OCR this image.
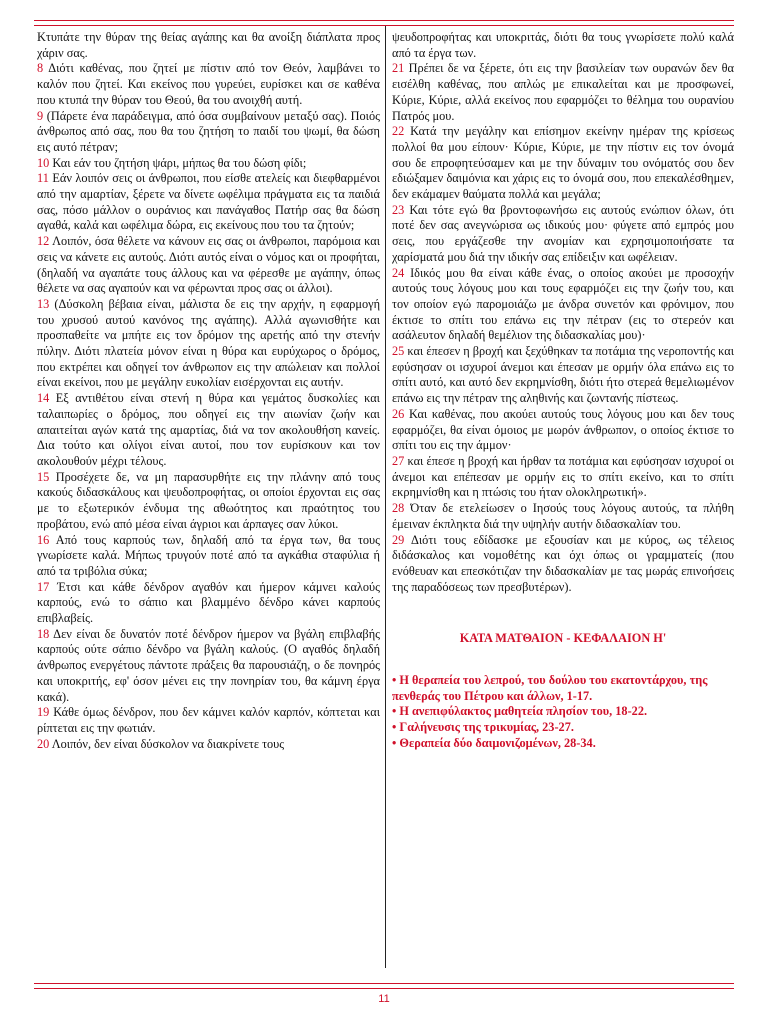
Κτυπάτε την θύραν της θείας αγάπης και θα ανοίξη διάπλατα προς χάριν σας.

8 Διότι καθένας, που ζητεί με πίστιν από τον Θεόν, λαμβάνει το καλόν που ζητεί. Και εκείνος που γυρεύει, ευρίσκει και σε καθένα που κτυπά την θύραν του Θεού, θα του ανοιχθή αυτή.

9 (Πάρετε ένα παράδειγμα, από όσα συμβαίνουν μεταξύ σας). Ποιός άνθρωπος από σας, που θα του ζητήση το παιδί του ψωμί, θα δώση εις αυτό πέτραν;

10 Και εάν του ζητήση ψάρι, μήπως θα του δώση φίδι;

11 Εάν λοιπόν σεις οι άνθρωποι, που είσθε ατελείς και διεφθαρμένοι από την αμαρτίαν, ξέρετε να δίνετε ωφέλιμα πράγματα εις τα παιδιά σας, πόσο μάλλον ο ουράνιος και πανάγαθος Πατήρ σας θα δώση αγαθά, καλά και ωφέλιμα δώρα, εις εκείνους που του τα ζητούν;

12 Λοιπόν, όσα θέλετε να κάνουν εις σας οι άνθρωποι, παρόμοια και σεις να κάνετε εις αυτούς. Διότι αυτός είναι ο νόμος και οι προφήται, (δηλαδή να αγαπάτε τους άλλους και να φέρεσθε με αγάπην, όπως θέλετε να σας αγαπούν και να φέρωνται προς σας οι άλλοι).

13 (Δύσκολη βέβαια είναι, μάλιστα δε εις την αρχήν, η εφαρμογή του χρυσού αυτού κανόνος της αγάπης). Αλλά αγωνισθήτε και προσπαθείτε να μπήτε εις τον δρόμον της αρετής από την στενήν πύλην. Διότι πλατεία μόνον είναι η θύρα και ευρύχωρος ο δρόμος, που εκτρέπει και οδηγεί τον άνθρωπον εις την απώλειαν και πολλοί είναι εκείνοι, που με μεγάλην ευκολίαν εισέρχονται εις αυτήν.

14 Εξ αντιθέτου είναι στενή η θύρα και γεμάτος δυσκολίες και ταλαιπωρίες ο δρόμος, που οδηγεί εις την αιωνίαν ζωήν και απαιτείται αγών κατά της αμαρτίας, διά να τον ακολουθήση κανείς. Δια τούτο και ολίγοι είναι αυτοί, που τον ευρίσκουν και τον ακολουθούν μέχρι τέλους.

15 Προσέχετε δε, να μη παρασυρθήτε εις την πλάνην από τους κακούς διδασκάλους και ψευδοπροφήτας, οι οποίοι έρχονται εις σας με το εξωτερικόν ένδυμα της αθωότητος και πραότητος του προβάτου, ενώ από μέσα είναι άγριοι και άρπαγες σαν λύκοι.

16 Από τους καρπούς των, δηλαδή από τα έργα των, θα τους γνωρίσετε καλά. Μήπως τρυγούν ποτέ από τα αγκάθια σταφύλια ή από τα τριβόλια σύκα;

17 Έτσι και κάθε δένδρον αγαθόν και ήμερον κάμνει καλούς καρπούς, ενώ το σάπιο και βλαμμένο δένδρο κάνει καρπούς επιβλαβείς.

18 Δεν είναι δε δυνατόν ποτέ δένδρον ήμερον να βγάλη επιβλαβής καρπούς ούτε σάπιο δένδρο να βγάλη καλούς. (Ο αγαθός δηλαδή άνθρωπος ενεργέτους πάντοτε πράξεις θα παρουσιάζη, ο δε πονηρός και υποκριτής, εφ' όσον μένει εις την πονηρίαν του, θα κάμνη έργα κακά).

19 Κάθε όμως δένδρον, που δεν κάμνει καλόν καρπόν, κόπτεται και ρίπτεται εις την φωτιάν.

20 Λοιπόν, δεν είναι δύσκολον να διακρίνετε τους

ψευδοπροφήτας και υποκριτάς, διότι θα τους γνωρίσετε πολύ καλά από τα έργα των.

21 Πρέπει δε να ξέρετε, ότι εις την βασιλείαν των ουρανών δεν θα εισέλθη καθένας, που απλώς με επικαλείται και με προσφωνεί, Κύριε, Κύριε, αλλά εκείνος που εφαρμόζει το θέλημα του ουρανίου Πατρός μου.

22 Κατά την μεγάλην και επίσημον εκείνην ημέραν της κρίσεως πολλοί θα μου είπουν· Κύριε, Κύριε, με την πίστιν εις τον όνομά σου δε επροφητεύσαμεν και με την δύναμιν του ονόματός σου δεν εδιώξαμεν δαιμόνια και χάρις εις το όνομά σου, που επεκαλέσθημεν, δεν εκάμαμεν θαύματα πολλά και μεγάλα;

23 Και τότε εγώ θα βροντοφωνήσω εις αυτούς ενώπιον όλων, ότι ποτέ δεν σας ανεγνώρισα ως ιδικούς μου· φύγετε από εμπρός μου σεις, που εργάζεσθε την ανομίαν και εχρησιμοποιήσατε τα χαρίσματά μου διά την ιδικήν σας επίδειξιν και ωφέλειαν.

24 Ιδικός μου θα είναι κάθε ένας, ο οποίος ακούει με προσοχήν αυτούς τους λόγους μου και τους εφαρμόζει εις την ζωήν του, και τον οποίον εγώ παρομοιάζω με άνδρα συνετόν και φρόνιμον, που έκτισε το σπίτι του επάνω εις την πέτραν (εις το στερεόν και ασάλευτον δηλαδή θεμέλιον της διδασκαλίας μου)·

25 και έπεσεν η βροχή και ξεχύθηκαν τα ποτάμια της νεροποντής και εφύσησαν οι ισχυροί άνεμοι και έπεσαν με ορμήν όλα επάνω εις το σπίτι αυτό, και αυτό δεν εκρημνίσθη, διότι ήτο στερεά θεμελιωμένον επάνω εις την πέτραν της αληθινής και ζωντανής πίστεως.

26 Και καθένας, που ακούει αυτούς τους λόγους μου και δεν τους εφαρμόζει, θα είναι όμοιος με μωρόν άνθρωπον, ο οποίος έκτισε το σπίτι του εις την άμμον·

27 και έπεσε η βροχή και ήρθαν τα ποτάμια και εφύσησαν ισχυροί οι άνεμοι και επέπεσαν με ορμήν εις το σπίτι εκείνο, και το σπίτι εκρημνίσθη και η πτώσις του ήταν ολοκληρωτική».

28 Όταν δε ετελείωσεν ο Ιησούς τους λόγους αυτούς, τα πλήθη έμειναν έκπληκτα διά την υψηλήν αυτήν διδασκαλίαν του.

29 Διότι τους εδίδασκε με εξουσίαν και με κύρος, ως τέλειος διδάσκαλος και νομοθέτης και όχι όπως οι γραμματείς (που ενόθευαν και επεσκότιζαν την διδασκαλίαν με τας μωράς επινοήσεις της παραδόσεως των πρεσβυτέρων).

ΚΑΤΑ ΜΑΤΘΑΙΟΝ - ΚΕΦΑΛΑΙΟΝ Η'
• Η θεραπεία του λεπρού, του δούλου του εκατοντάρχου, της πενθεράς του Πέτρου και άλλων, 1-17.
• Η ανεπιφύλακτος μαθητεία πλησίον του, 18-22.
• Γαλήνευσις της τρικυμίας, 23-27.
• Θεραπεία δύο δαιμονιζομένων, 28-34.
11
